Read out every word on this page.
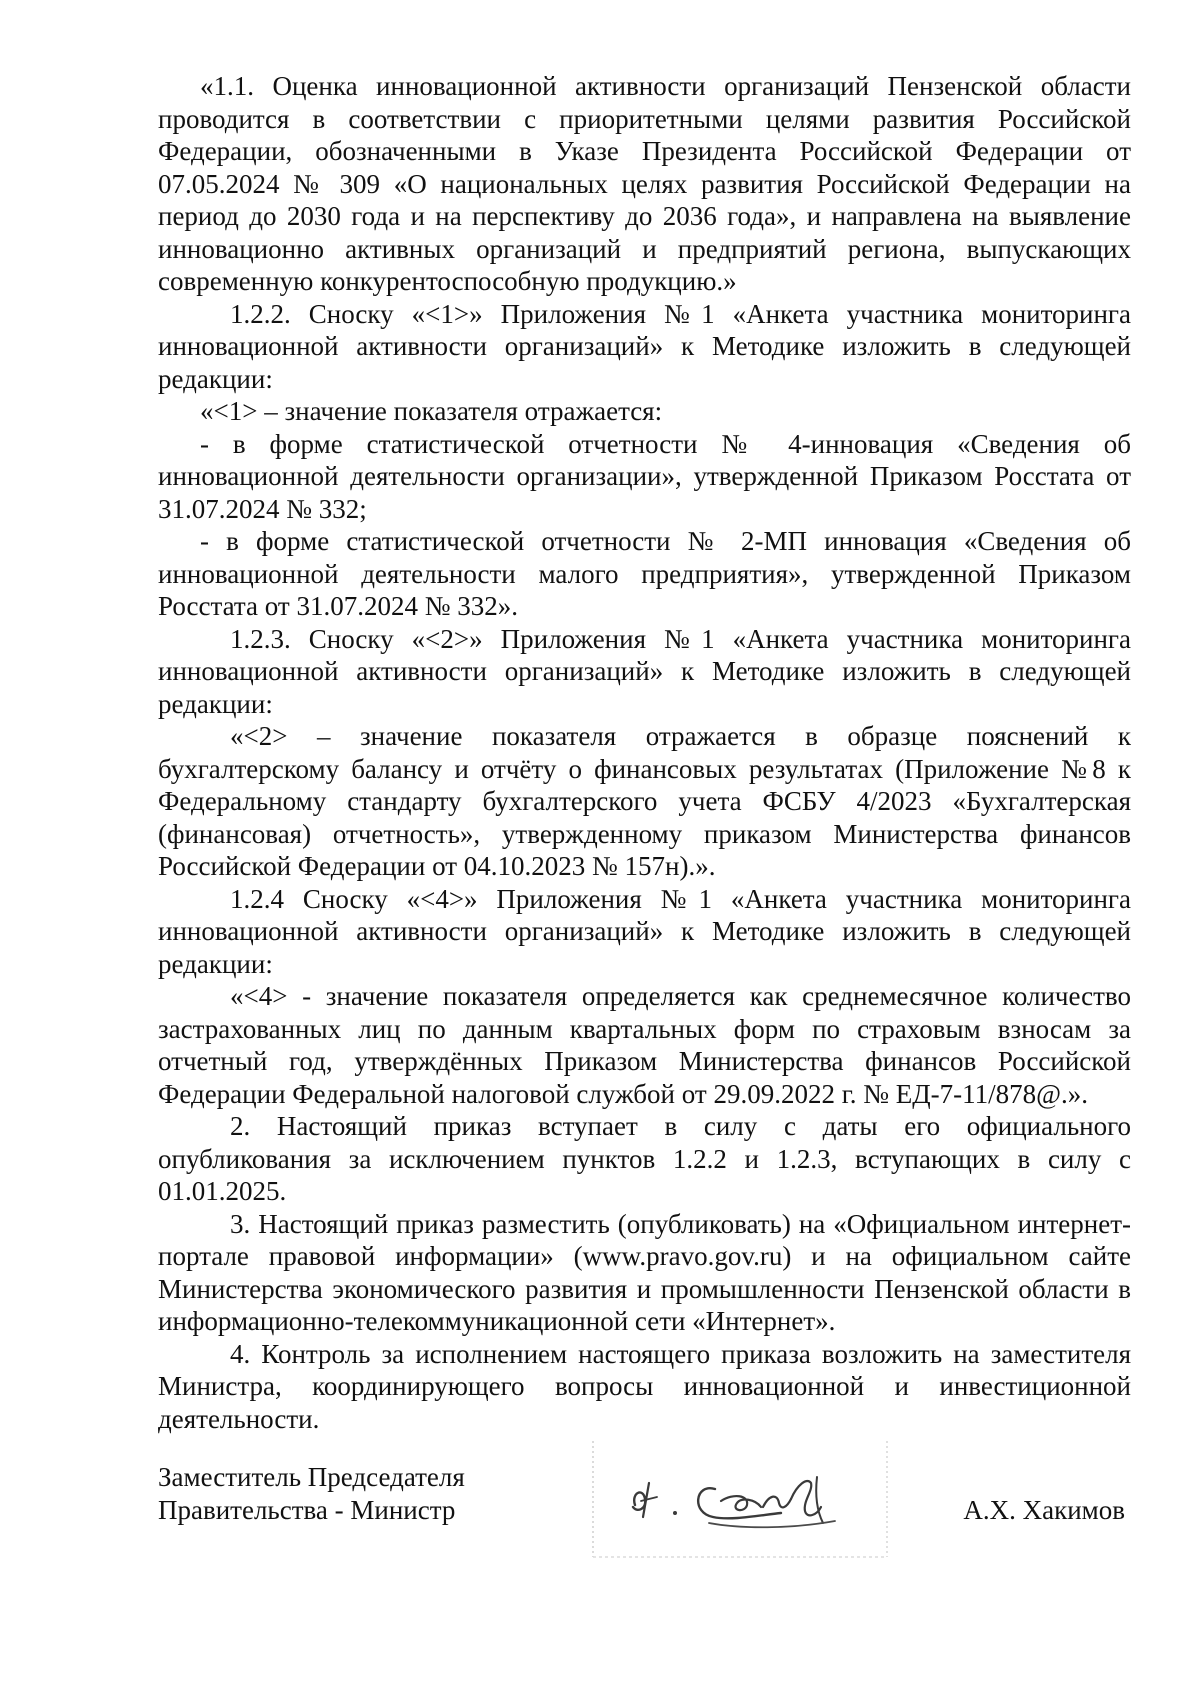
«1.1. Оценка инновационной активности организаций Пензенской области проводится в соответствии с приоритетными целями развития Российской Федерации, обозначенными в Указе Президента Российской Федерации от 07.05.2024 № 309 «О национальных целях развития Российской Федерации на период до 2030 года и на перспективу до 2036 года», и направлена на выявление инновационно активных организаций и предприятий региона, выпускающих современную конкурентоспособную продукцию.»

1.2.2. Сноску «<1>» Приложения №1 «Анкета участника мониторинга инновационной активности организаций» к Методике изложить в следующей редакции:

«<1> – значение показателя отражается:

- в форме статистической отчетности № 4-инновация «Сведения об инновационной деятельности организации», утвержденной Приказом Росстата от 31.07.2024 № 332;

- в форме статистической отчетности № 2-МП инновация «Сведения об инновационной деятельности малого предприятия», утвержденной Приказом Росстата от 31.07.2024 № 332».

1.2.3. Сноску «<2>» Приложения №1 «Анкета участника мониторинга инновационной активности организаций» к Методике изложить в следующей редакции:

«<2> – значение показателя отражается в образце пояснений к бухгалтерскому балансу и отчёту о финансовых результатах (Приложение №8 к Федеральному стандарту бухгалтерского учета ФСБУ 4/2023 «Бухгалтерская (финансовая) отчетность», утвержденному приказом Министерства финансов Российской Федерации от 04.10.2023 № 157н).».

1.2.4 Сноску «<4>» Приложения №1 «Анкета участника мониторинга инновационной активности организаций» к Методике изложить в следующей редакции:

«<4> - значение показателя определяется как среднемесячное количество застрахованных лиц по данным квартальных форм по страховым взносам за отчетный год, утверждённых Приказом Министерства финансов Российской Федерации Федеральной налоговой службой от 29.09.2022 г. № ЕД-7-11/878@.».

2. Настоящий приказ вступает в силу с даты его официального опубликования за исключением пунктов 1.2.2 и 1.2.3, вступающих в силу с 01.01.2025.

3. Настоящий приказ разместить (опубликовать) на «Официальном интернет-портале правовой информации» (www.pravo.gov.ru) и на официальном сайте Министерства экономического развития и промышленности Пензенской области в информационно-телекоммуникационной сети «Интернет».

4. Контроль за исполнением настоящего приказа возложить на заместителя Министра, координирующего вопросы инновационной и инвестиционной деятельности.

Заместитель Председателя
Правительства - Министр	А.Х. Хакимов
